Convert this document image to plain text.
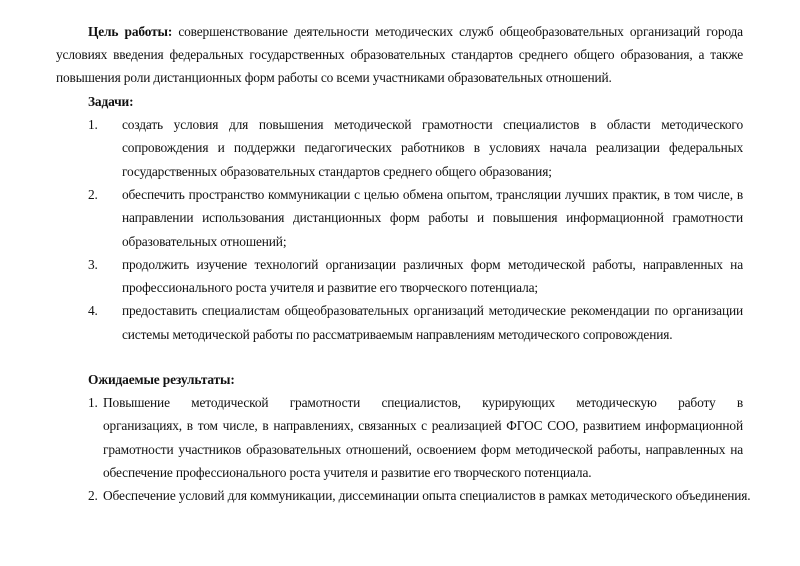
Цель работы: совершенствование деятельности методических служб общеобразовательных организаций города
условиях введения федеральных государственных образовательных стандартов среднего общего образования, а также
повышения роли дистанционных форм работы со всеми участниками образовательных отношений.
Задачи:
1. создать условия для повышения методической грамотности специалистов в области методического
сопровождения и поддержки педагогических работников в условиях начала реализации федеральных
государственных образовательных стандартов среднего общего образования;
2. обеспечить пространство коммуникации с целью обмена опытом, трансляции лучших практик, в том числе, в
направлении использования дистанционных форм работы и повышения информационной грамотности
образовательных отношений;
3. продолжить изучение технологий организации различных форм методической работы, направленных на
профессионального роста учителя и развитие его творческого потенциала;
4. предоставить специалистам общеобразовательных организаций методические рекомендации по организации
системы методической работы по рассматриваемым направлениям методического сопровождения.
Ожидаемые результаты:
1. Повышение методической грамотности специалистов, курирующих методическую работу в
организациях, в том числе, в направлениях, связанных с реализацией ФГОС СОО, развитием информационной
грамотности участников образовательных отношений, освоением форм методической работы, направленных на
обеспечение профессионального роста учителя и развитие его творческого потенциала.
2. Обеспечение условий для коммуникации, диссеминации опыта специалистов в рамках методического объединения.
